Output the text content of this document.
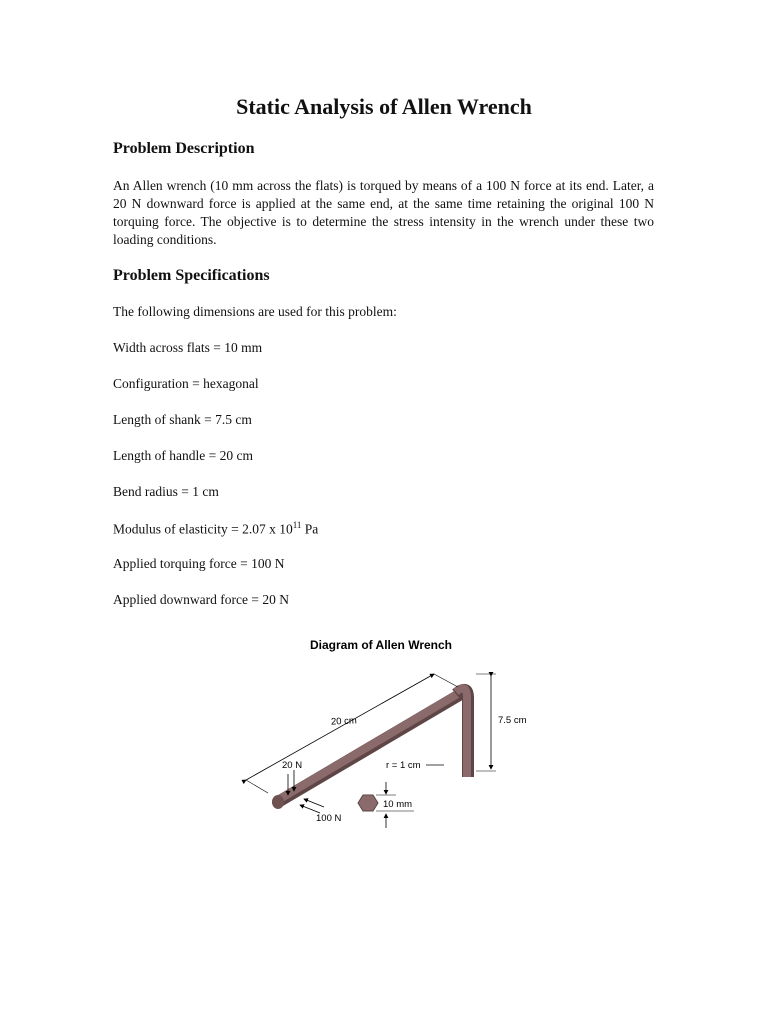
Static Analysis of Allen Wrench
Problem Description

An Allen wrench (10 mm across the flats) is torqued by means of a 100 N force at its end. Later, a 20 N downward force is applied at the same end, at the same time retaining the original 100 N torquing force. The objective is to determine the stress intensity in the wrench under these two loading conditions.

Problem Specifications

The following dimensions are used for this problem:

Width across flats = 10 mm

Configuration = hexagonal

Length of shank = 7.5 cm

Length of handle = 20 cm

Bend radius = 1 cm

Modulus of elasticity = 2.07 x $10^{11}$ Pa

Applied torquing force = 100 N

Applied downward force = 20 N

Diagram of Allen Wrench
20 cm	7.5 cm
r = 1 cm
20 N
100 N
10 mm
